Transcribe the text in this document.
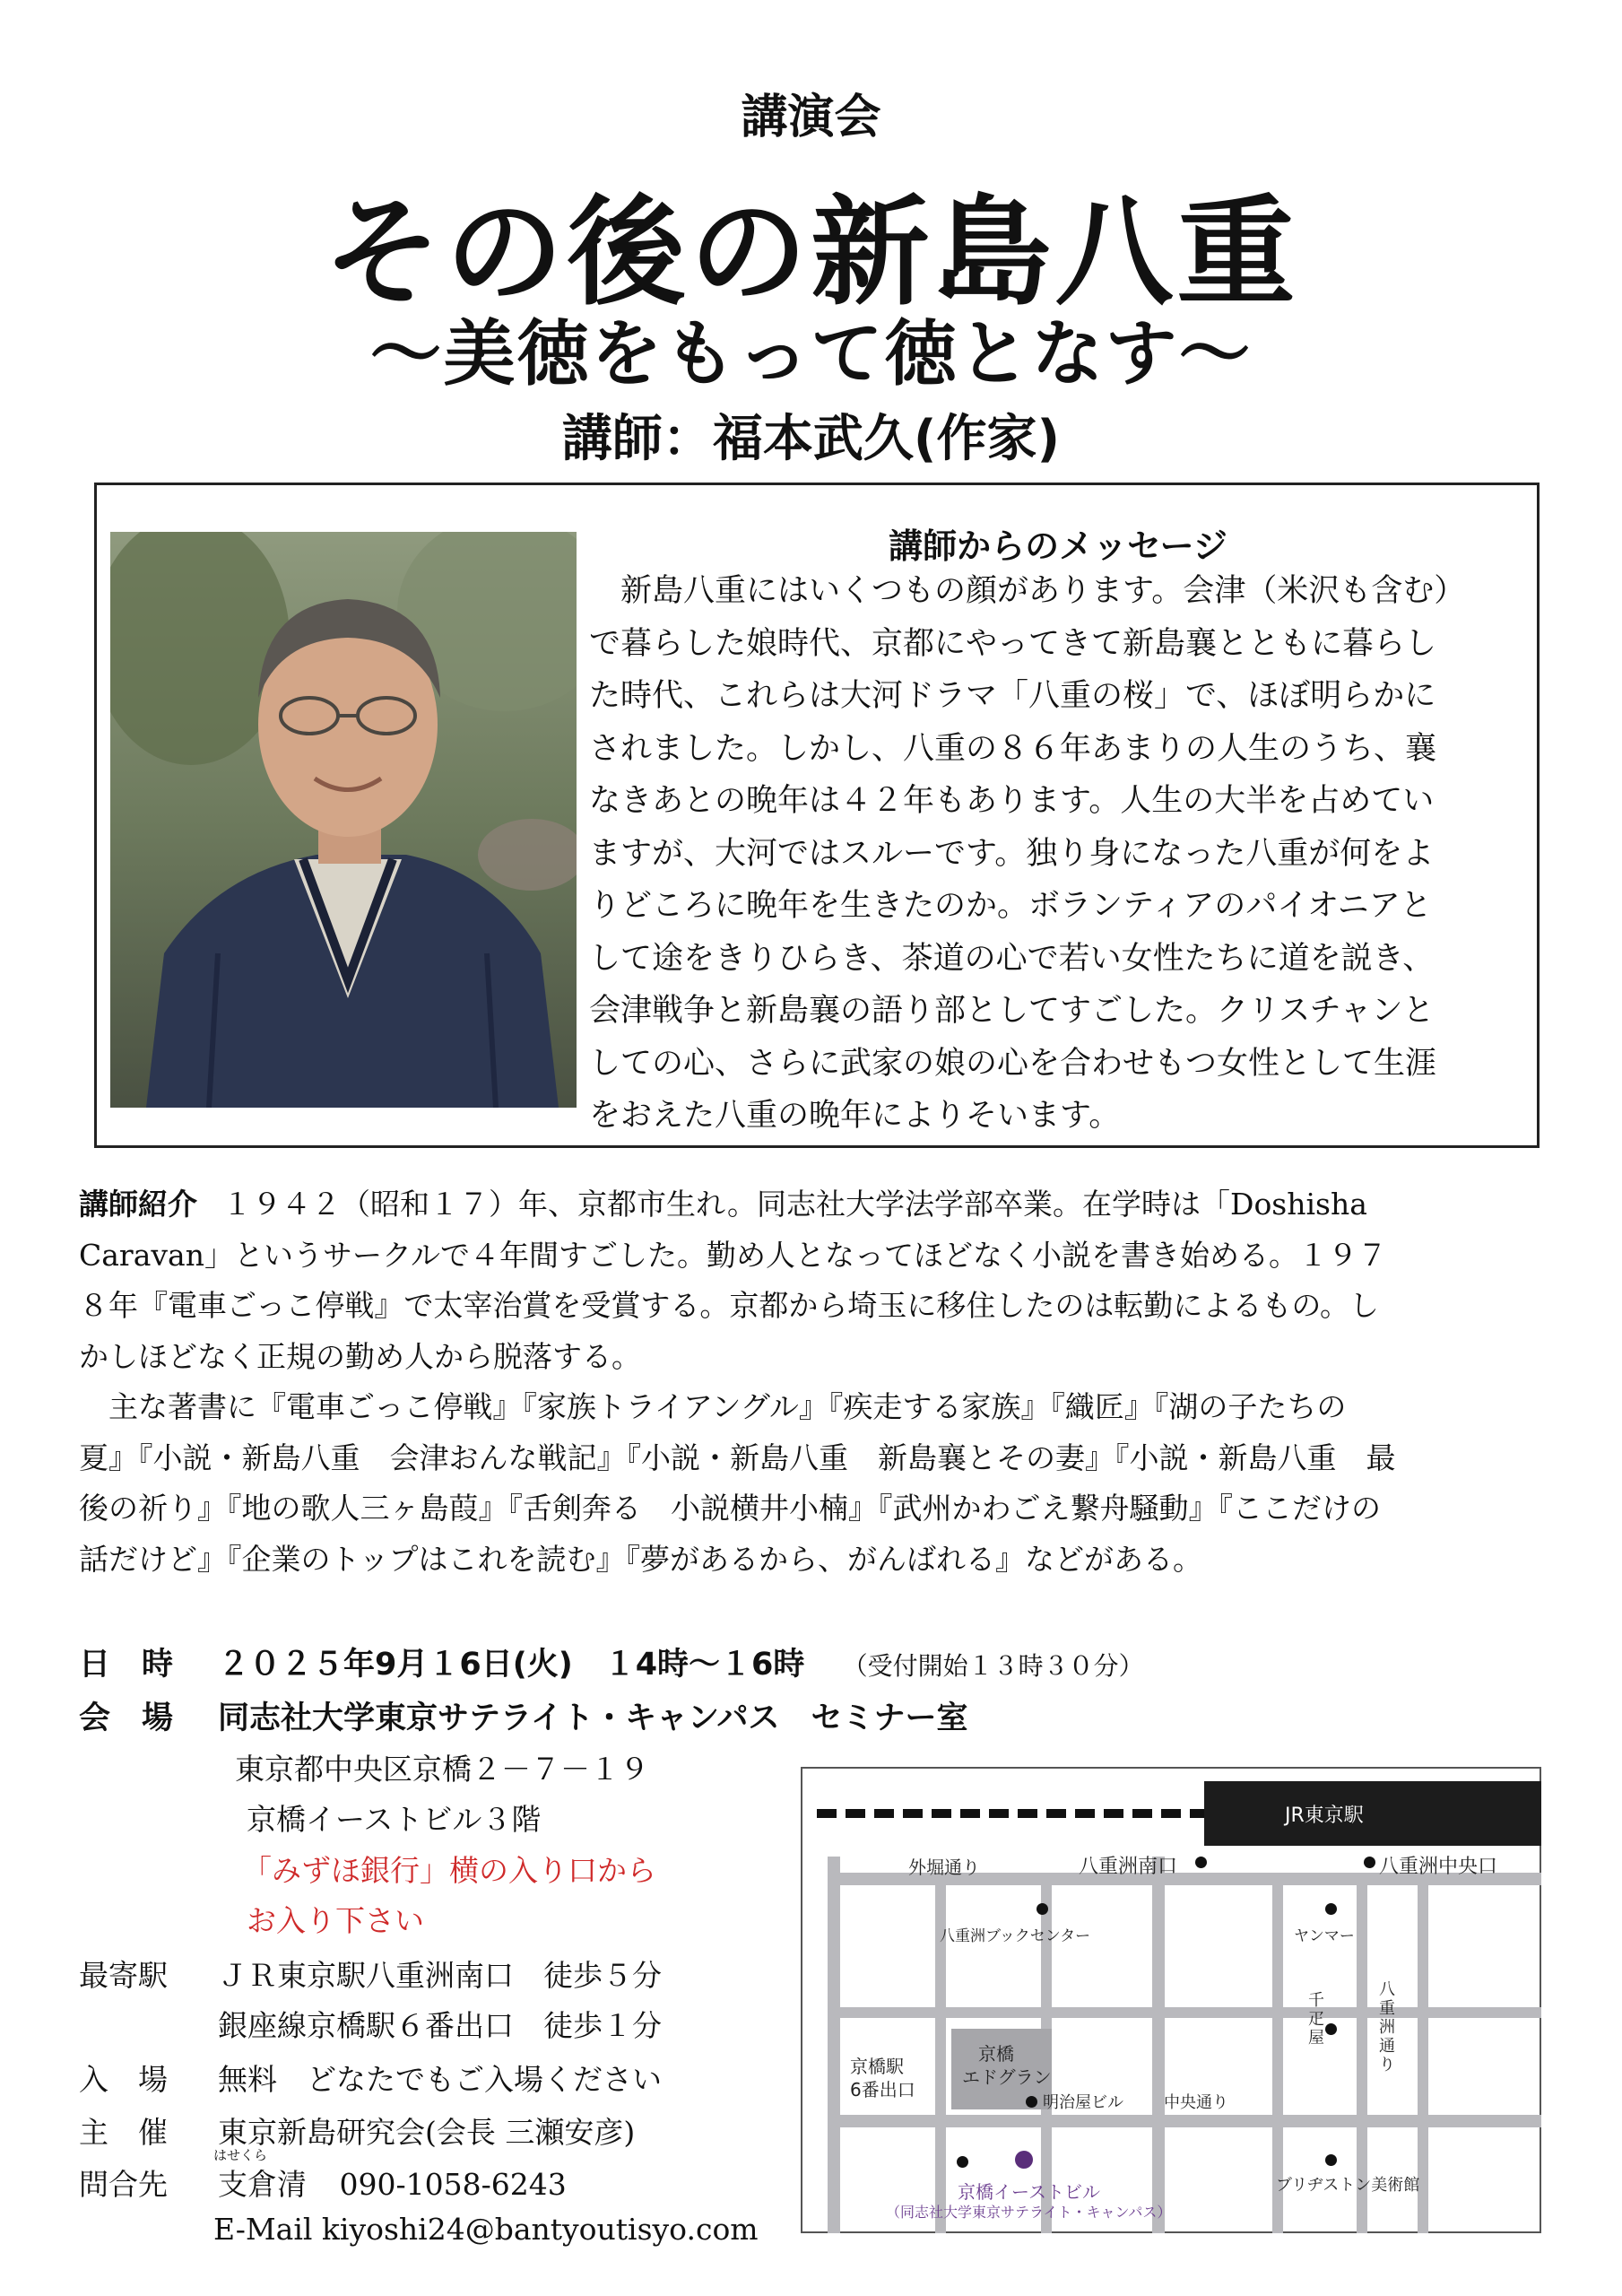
講演会
その後の新島八重
～美徳をもって徳となす～
講師：福本武久(作家)
講師からのメッセージ
　新島八重にはいくつもの顔があります。会津（米沢も含む）
で暮らした娘時代、京都にやってきて新島襄とともに暮らし
た時代、これらは大河ドラマ「八重の桜」で、ほぼ明らかに
されました。しかし、八重の８６年あまりの人生のうち、襄
なきあとの晩年は４２年もあります。人生の大半を占めてい
ますが、大河ではスルーです。独り身になった八重が何をよ
りどころに晩年を生きたのか。ボランティアのパイオニアと
して途をきりひらき、茶道の心で若い女性たちに道を説き、
会津戦争と新島襄の語り部としてすごした。クリスチャンと
しての心、さらに武家の娘の心を合わせもつ女性として生涯
をおえた八重の晩年によりそいます。
講師紹介 １９４２（昭和１７）年、京都市生れ。同志社大学法学部卒業。在学時は「Doshisha
Caravan」というサークルで４年間すごした。勤め人となってほどなく小説を書き始める。１９７
８年『電車ごっこ停戦』で太宰治賞を受賞する。京都から埼玉に移住したのは転勤によるもの。し
かしほどなく正規の勤め人から脱落する。
　主な著書に『電車ごっこ停戦』『家族トライアングル』『疾走する家族』『織匠』『湖の子たちの
夏』『小説・新島八重　会津おんな戦記』『小説・新島八重　新島襄とその妻』『小説・新島八重　最
後の祈り』『地の歌人三ヶ島葭』『舌剣奔る　小説横井小楠』『武州かわごえ繋舟騒動』『ここだけの
話だけど』『企業のトップはこれを読む』『夢があるから、がんばれる』などがある。
日　時 ２０２５年9月１6日(火)　１4時～１6時 （受付開始１３時３０分）
会　場 同志社大学東京サテライト・キャンパス　セミナー室
東京都中央区京橋２－７－１９
京橋イーストビル３階
「みずほ銀行」横の入り口から
お入り下さい
最寄駅 ＪＲ東京駅八重洲南口　徒歩５分
銀座線京橋駅６番出口　徒歩１分
入　場 無料　どなたでもご入場ください
主　催 東京新島研究会(会長 三瀬安彦)
はせくら
問合先 支倉清 090-1058-6243
E-Mail kiyoshi24@bantyoutisyo.com
JR東京駅
外堀通り	八重洲南口	八重洲中央口
八重洲ブックセンター	ヤンマー
京橋
エドグラン
京橋駅
6番出口
明治屋ビル	中央通り
千疋屋
八重洲通り
ブリヂストン美術館
京橋イーストビル
（同志社大学東京サテライト・キャンパス）
